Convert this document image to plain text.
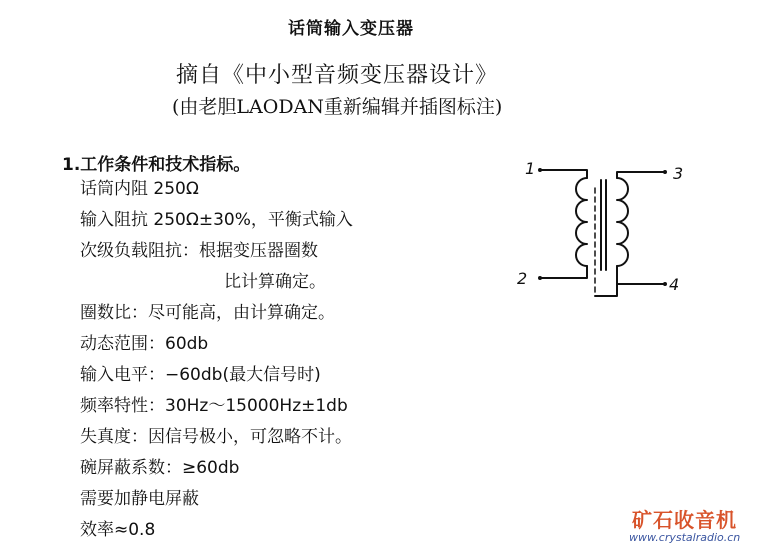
话筒输入变压器
摘自《中小型音频变压器设计》
(由老胆LAODAN重新编辑并插图标注)
1.工作条件和技术指标。
话筒内阻 250Ω
输入阻抗 250Ω±30%，平衡式输入
次级负载阻抗：根据变压器圈数
比计算确定。
圈数比：尽可能高，由计算确定。
动态范围：60db
输入电平：−60db(最大信号时)
频率特性：30Hz～15000Hz±1db
失真度：因信号极小，可忽略不计。
碗屏蔽系数：≥60db
需要加静电屏蔽
效率≈0.8
1
2
3
4
矿石收音机
www.crystalradio.cn
